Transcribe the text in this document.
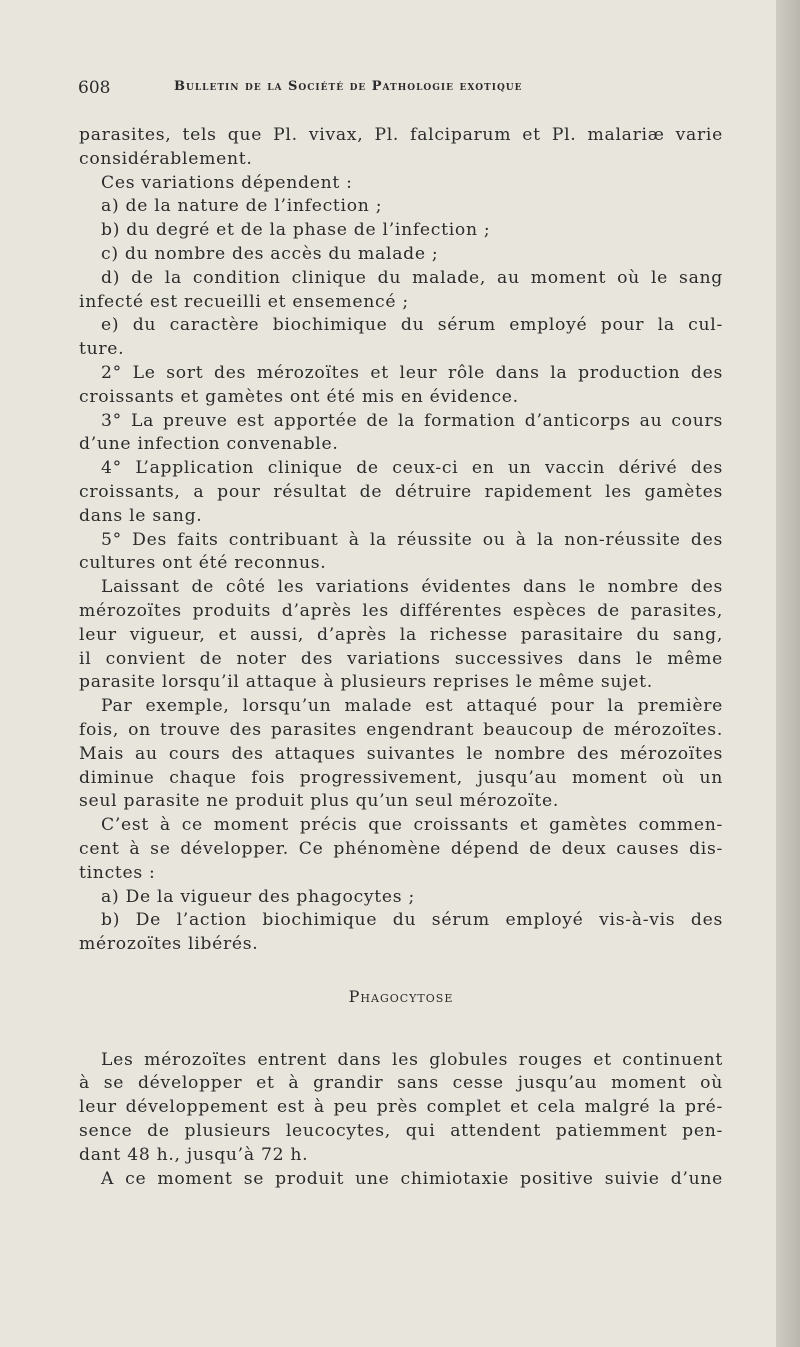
608	Bulletin de la Société de Pathologie exotique
parasites, tels que Pl. vivax, Pl. falciparum et Pl. malariæ varie
considérablement.
Ces variations dépendent :
a) de la nature de l’infection ;
b) du degré et de la phase de l’infection ;
c) du nombre des accès du malade ;
d) de la condition clinique du malade, au moment où le sang
infecté est recueilli et ensemencé ;
e) du caractère biochimique du sérum employé pour la cul-
ture.
2° Le sort des mérozoïtes et leur rôle dans la production des
croissants et gamètes ont été mis en évidence.
3° La preuve est apportée de la formation d’anticorps au cours
d’une infection convenable.
4° L’application clinique de ceux-ci en un vaccin dérivé des
croissants, a pour résultat de détruire rapidement les gamètes
dans le sang.
5° Des faits contribuant à la réussite ou à la non-réussite des
cultures ont été reconnus.
Laissant de côté les variations évidentes dans le nombre des
mérozoïtes produits d’après les différentes espèces de parasites,
leur vigueur, et aussi, d’après la richesse parasitaire du sang,
il convient de noter des variations successives dans le même
parasite lorsqu’il attaque à plusieurs reprises le même sujet.
Par exemple, lorsqu’un malade est attaqué pour la première
fois, on trouve des parasites engendrant beaucoup de mérozoïtes.
Mais au cours des attaques suivantes le nombre des mérozoïtes
diminue chaque fois progressivement, jusqu’au moment où un
seul parasite ne produit plus qu’un seul mérozoïte.
C’est à ce moment précis que croissants et gamètes commen-
cent à se développer. Ce phénomène dépend de deux causes dis-
tinctes :
a) De la vigueur des phagocytes ;
b) De l’action biochimique du sérum employé vis-à-vis des
mérozoïtes libérés.
Phagocytose
Les mérozoïtes entrent dans les globules rouges et continuent
à se développer et à grandir sans cesse jusqu’au moment où
leur développement est à peu près complet et cela malgré la pré-
sence de plusieurs leucocytes, qui attendent patiemment pen-
dant 48 h., jusqu’à 72 h.
A ce moment se produit une chimiotaxie positive suivie d’une
